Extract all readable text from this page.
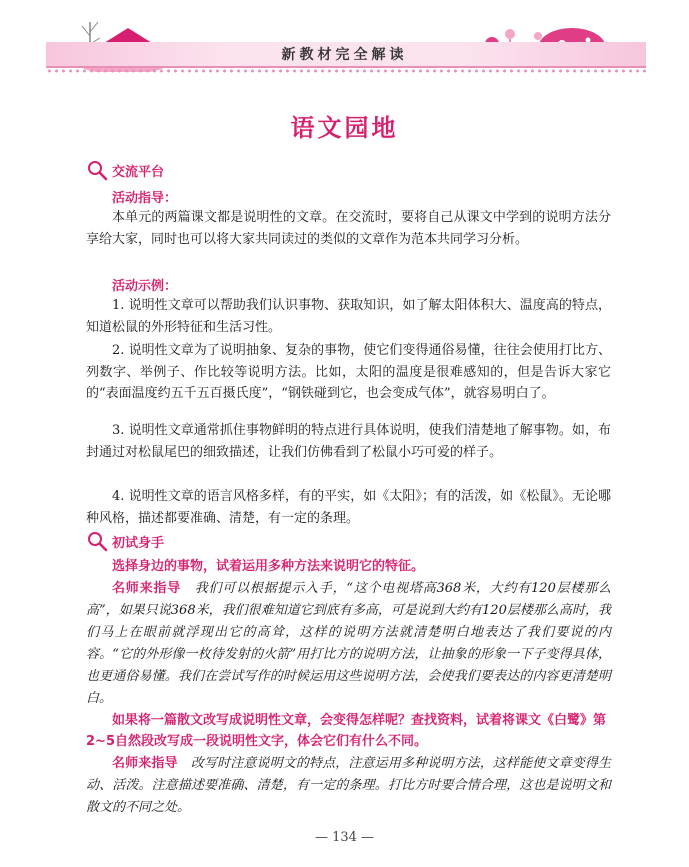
新教材完全解读
语文园地
交流平台
活动指导：

本单元的两篇课文都是说明性的文章。在交流时，要将自己从课文中学到的说明方法分享给大家，同时也可以将大家共同读过的类似的文章作为范本共同学习分析。

活动示例：

1. 说明性文章可以帮助我们认识事物、获取知识，如了解太阳体积大、温度高的特点，知道松鼠的外形特征和生活习性。

2. 说明性文章为了说明抽象、复杂的事物，使它们变得通俗易懂，往往会使用打比方、列数字、举例子、作比较等说明方法。比如，太阳的温度是很难感知的，但是告诉大家它的“表面温度约五千五百摄氏度”，“钢铁碰到它，也会变成气体”，就容易明白了。

3. 说明性文章通常抓住事物鲜明的特点进行具体说明，使我们清楚地了解事物。如，布封通过对松鼠尾巴的细致描述，让我们仿佛看到了松鼠小巧可爱的样子。

4. 说明性文章的语言风格多样，有的平实，如《太阳》；有的活泼，如《松鼠》。无论哪种风格，描述都要准确、清楚，有一定的条理。

初试身手

选择身边的事物，试着运用多种方法来说明它的特征。

名师来指导　 我们可以根据提示入手，“这个电视塔高368米，大约有120层楼那么高”，如果只说368米，我们很难知道它到底有多高，可是说到大约有120层楼那么高时，我们马上在眼前就浮现出它的高耸，这样的说明方法就清楚明白地表达了我们要说的内容。“它的外形像一枚待发射的火箭”用打比方的说明方法，让抽象的形象一下子变得具体，也更通俗易懂。我们在尝试写作的时候运用这些说明方法，会使我们要表达的内容更清楚明白。

如果将一篇散文改写成说明性文章，会变得怎样呢？查找资料，试着将课文《白鹭》第2~5自然段改写成一段说明性文字，体会它们有什么不同。

名师来指导　 改写时注意说明文的特点，注意运用多种说明方法，这样能使文章变得生动、活泼。注意描述要准确、清楚，有一定的条理。打比方时要合情合理，这也是说明文和散文的不同之处。

— 134 —
